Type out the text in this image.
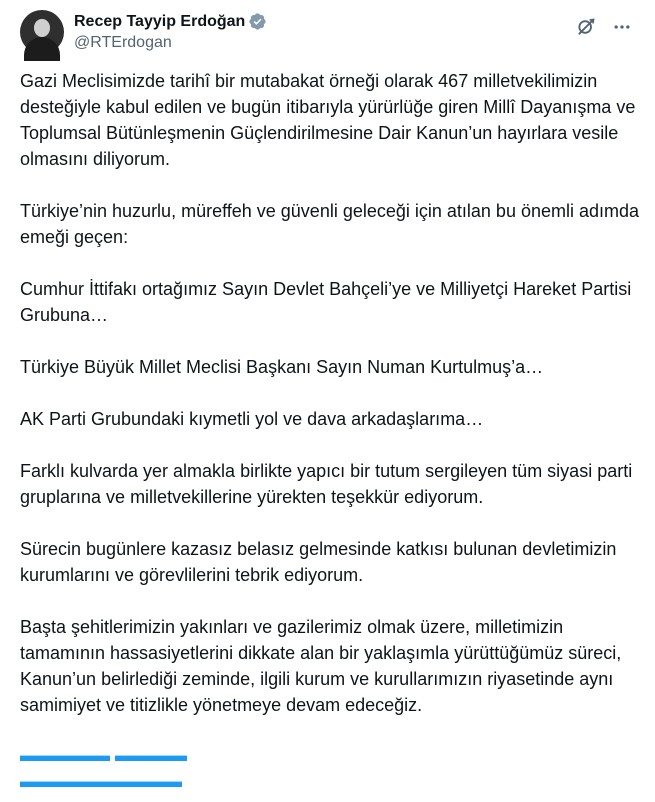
Recep Tayyip Erdoğan
@RTErdogan

Gazi Meclisimizde tarihî bir mutabakat örneği olarak 467 milletvekilimizin desteğiyle kabul edilen ve bugün itibarıyla yürürlüğe giren Millî Dayanışma ve Toplumsal Bütünleşmenin Güçlendirilmesine Dair Kanun’un hayırlara vesile olmasını diliyorum.

Türkiye’nin huzurlu, müreffeh ve güvenli geleceği için atılan bu önemli adımda emeği geçen:

Cumhur İttifakı ortağımız Sayın Devlet Bahçeli’ye ve Milliyetçi Hareket Partisi Grubuna…

Türkiye Büyük Millet Meclisi Başkanı Sayın Numan Kurtulmuş’a…

AK Parti Grubundaki kıymetli yol ve dava arkadaşlarıma…

Farklı kulvarda yer almakla birlikte yapıcı bir tutum sergileyen tüm siyasi parti gruplarına ve milletvekillerine yürekten teşekkür ediyorum.

Sürecin bugünlere kazasız belasız gelmesinde katkısı bulunan devletimizin kurumlarını ve görevlilerini tebrik ediyorum.

Başta şehitlerimizin yakınları ve gazilerimiz olmak üzere, milletimizin tamamının hassasiyetlerini dikkate alan bir yaklaşımla yürüttüğümüz süreci, Kanun’un belirlediği zeminde, ilgili kurum ve kurullarımızın riyasetinde aynı samimiyet ve titizlikle yönetmeye devam edeceğiz.

▬▬▬▬▬ ▬▬▬▬ ▬▬▬▬▬▬▬▬▬
